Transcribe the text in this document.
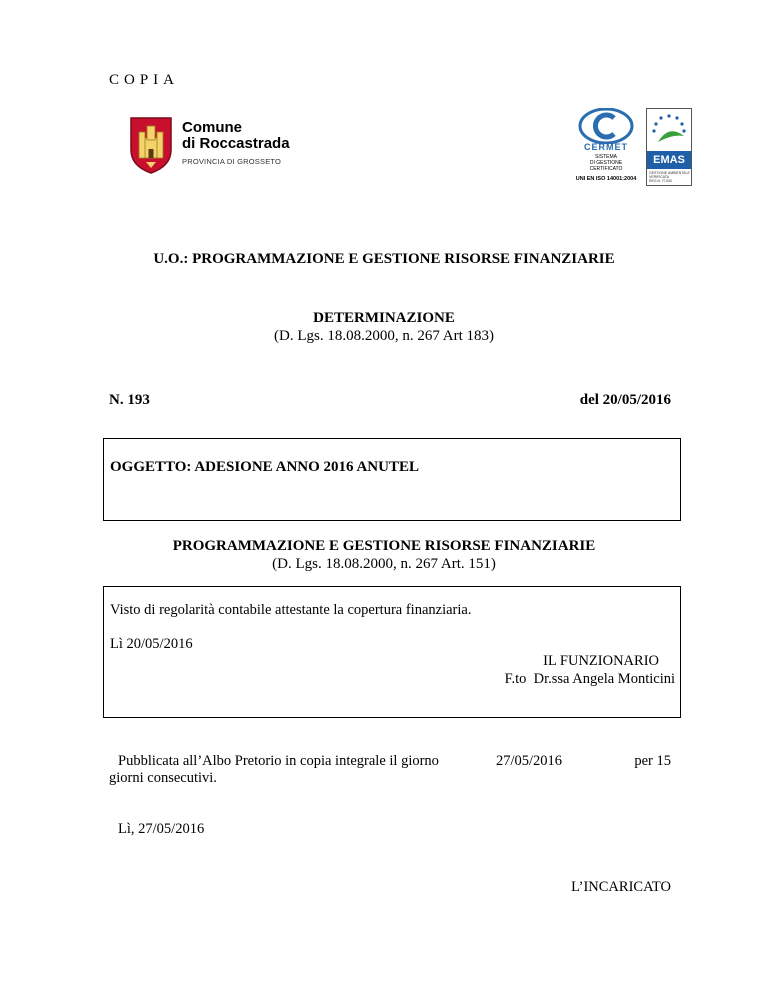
COPIA
Comune
di Roccastrada
PROVINCIA DI GROSSETO
CERMET
SISTEMA
DI GESTIONE
CERTIFICATO
UNI EN ISO 14001:2004
EMAS
GESTIONE AMBIENTALE
VERIFICATA
REG.N. IT-000
U.O.: PROGRAMMAZIONE E GESTIONE RISORSE FINANZIARIE
DETERMINAZIONE
(D. Lgs. 18.08.2000, n. 267 Art 183)
N. 193	del 20/05/2016
OGGETTO: ADESIONE ANNO 2016 ANUTEL
PROGRAMMAZIONE E GESTIONE RISORSE FINANZIARIE
(D. Lgs. 18.08.2000, n. 267 Art. 151)
Visto di regolarità contabile attestante la copertura finanziaria.
Lì 20/05/2016
IL FUNZIONARIO
F.to  Dr.ssa Angela Monticini
Pubblicata all’Albo Pretorio in copia integrale il giorno
giorni consecutivi.
27/05/2016	per 15
Lì, 27/05/2016
L’INCARICATO
